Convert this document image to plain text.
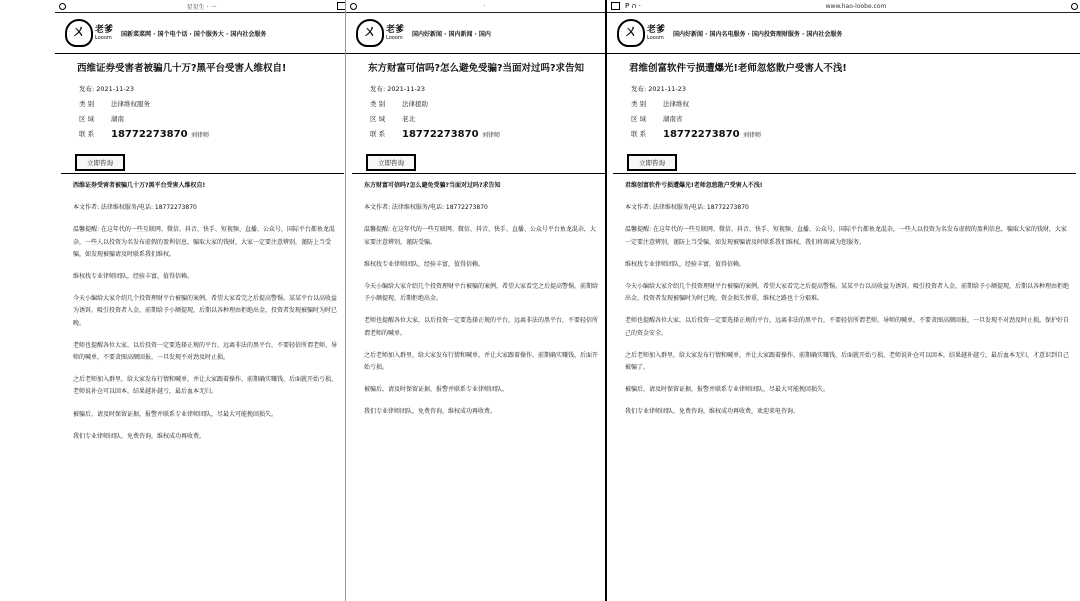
星星生 · 一
ㄨ	老爹
Looom 国新菜菜网 · 国个电个话 · 国个服务大 · 国内社会服务
西维证券受害者被骗几十万?黑平台受害人维权自!
发布: 2021-11-23
类 别	法律维权服务
区 域	湖南
联 系	18772273870 刘律师
立即咨询

西维证券受害者被骗几十万?黑平台受害人维权自!

本文作者: 法律维权服务/电话: 18772273870

温馨提醒: 在这年代的一些互联网、微信、抖音、快手、短视频、直播、公众号，国际平台都鱼龙混杂，一些人以投资为名发布虚假的盈利信息，骗取大家的钱财，大家一定要注意辨别，谨防上当受骗，如发现被骗请及时联系我们维权。

维权找专业律师团队，经验丰富，值得信赖。

今天小编给大家介绍几个投资理财平台被骗的案例，希望大家看完之后提高警惕。某某平台以高收益为诱饵，吸引投资者入金，前期给予小额提现，后期以各种理由拒绝出金，投资者发现被骗时为时已晚。

老师也提醒各位大家，以后投资一定要选择正规的平台，远离非法的黑平台，不要轻信所谓老师、导师的喊单，不要贪图高额回报，一旦发现不对劲及时止损。

之后老师加入群里，给大家发布行情和喊单，并让大家跟着操作，前期确实赚钱，后面就开始亏损，老师说补仓可以回本，结果越补越亏，最后血本无归。

被骗后，请及时保留证据，报警并联系专业律师团队，尽最大可能挽回损失。

我们专业律师团队，免费咨询，维权成功再收费。

·
ㄨ	老爹
Looom 国内好新闻 · 国内新闻 · 国内
东方财富可信吗?怎么避免受骗?当面对过吗?求告知
发布: 2021-11-23
类 别	法律援助
区 域	老北
联 系	18772273870 刘律师
立即咨询

东方财富可信吗?怎么避免受骗?当面对过吗?求告知

本文作者: 法律维权服务/电话: 18772273870

温馨提醒: 在这年代的一些互联网、微信、抖音、快手、直播、公众号平台鱼龙混杂，大家要注意辨别，谨防受骗。

维权找专业律师团队，经验丰富，值得信赖。

今天小编给大家介绍几个投资理财平台被骗的案例，希望大家看完之后提高警惕，前期给予小额提现，后期拒绝出金。

老师也提醒各位大家，以后投资一定要选择正规的平台，远离非法的黑平台，不要轻信所谓老师的喊单。

之后老师加入群里，给大家发布行情和喊单，并让大家跟着操作，前期确实赚钱，后面开始亏损。

被骗后，请及时保留证据，报警并联系专业律师团队。

我们专业律师团队，免费咨询，维权成功再收费。

P ∩ ·	www.hao-loobe.com
ㄨ	老爹
Looom 国内好新闻 · 国内名电服务 · 国内投资理财服务 · 国内社会服务
君维创富软件亏损遭爆光!老师忽悠散户受害人不浅!
发布: 2021-11-23
类 别	法律维权
区 域	湖南省
联 系	18772273870 刘律师
立即咨询

君维创富软件亏损遭爆光!老师忽悠散户受害人不浅!

本文作者: 法律维权服务/电话: 18772273870

温馨提醒: 在这年代的一些互联网、微信、抖音、快手、短视频、直播、公众号，国际平台都鱼龙混杂，一些人以投资为名发布虚假的盈利信息，骗取大家的钱财，大家一定要注意辨别，谨防上当受骗，如发现被骗请及时联系我们维权，我们将竭诚为您服务。

维权找专业律师团队，经验丰富，值得信赖。

今天小编给大家介绍几个投资理财平台被骗的案例，希望大家看完之后提高警惕。某某平台以高收益为诱饵，吸引投资者入金，前期给予小额提现，后期以各种理由拒绝出金，投资者发现被骗时为时已晚，资金损失惨重，维权之路也十分艰难。

老师也提醒各位大家，以后投资一定要选择正规的平台，远离非法的黑平台，不要轻信所谓老师、导师的喊单，不要贪图高额回报，一旦发现不对劲及时止损，保护好自己的资金安全。

之后老师加入群里，给大家发布行情和喊单，并让大家跟着操作，前期确实赚钱，后面就开始亏损，老师说补仓可以回本，结果越补越亏，最后血本无归，才意识到自己被骗了。

被骗后，请及时保留证据，报警并联系专业律师团队，尽最大可能挽回损失。

我们专业律师团队，免费咨询，维权成功再收费，欢迎来电咨询。
